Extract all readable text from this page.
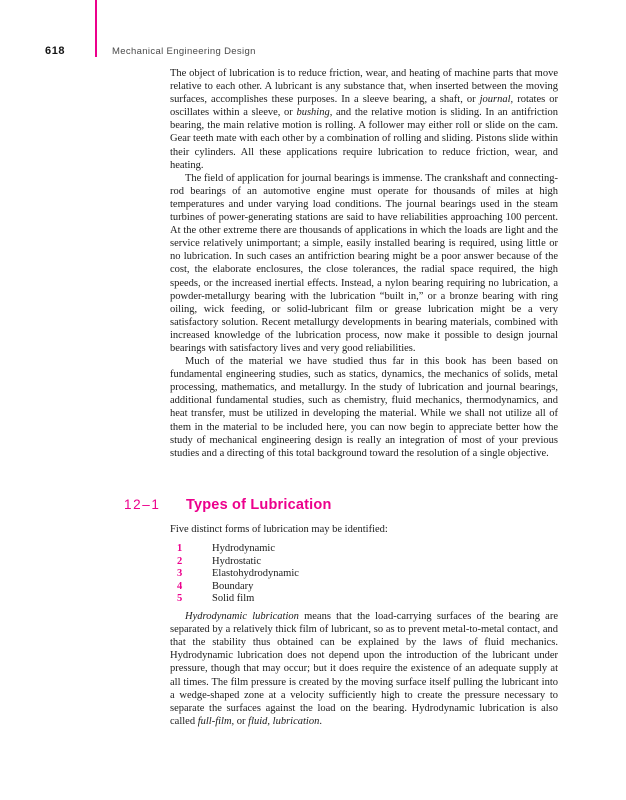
618	Mechanical Engineering Design

The object of lubrication is to reduce friction, wear, and heating of machine parts that move relative to each other. A lubricant is any substance that, when inserted between the moving surfaces, accomplishes these purposes. In a sleeve bearing, a shaft, or journal, rotates or oscillates within a sleeve, or bushing, and the relative motion is sliding. In an antifriction bearing, the main relative motion is rolling. A follower may either roll or slide on the cam. Gear teeth mate with each other by a combination of rolling and sliding. Pistons slide within their cylinders. All these applications require lubrication to reduce friction, wear, and heating.

The field of application for journal bearings is immense. The crankshaft and connecting-rod bearings of an automotive engine must operate for thousands of miles at high temperatures and under varying load conditions. The journal bearings used in the steam turbines of power-generating stations are said to have reliabilities approaching 100 percent. At the other extreme there are thousands of applications in which the loads are light and the service relatively unimportant; a simple, easily installed bearing is required, using little or no lubrication. In such cases an antifriction bearing might be a poor answer because of the cost, the elaborate enclosures, the close tolerances, the radial space required, the high speeds, or the increased inertial effects. Instead, a nylon bearing requiring no lubrication, a powder-metallurgy bearing with the lubrication “built in,” or a bronze bearing with ring oiling, wick feeding, or solid-lubricant film or grease lubrication might be a very satisfactory solution. Recent metallurgy developments in bearing materials, combined with increased knowledge of the lubrication process, now make it possible to design journal bearings with satisfactory lives and very good reliabilities.

Much of the material we have studied thus far in this book has been based on fundamental engineering studies, such as statics, dynamics, the mechanics of solids, metal processing, mathematics, and metallurgy. In the study of lubrication and journal bearings, additional fundamental studies, such as chemistry, fluid mechanics, thermodynamics, and heat transfer, must be utilized in developing the material. While we shall not utilize all of them in the material to be included here, you can now begin to appreciate better how the study of mechanical engineering design is really an integration of most of your previous studies and a directing of this total background toward the resolution of a single objective.

12–1 Types of Lubrication

Five distinct forms of lubrication may be identified:

1	Hydrodynamic
2	Hydrostatic
3	Elastohydrodynamic
4	Boundary
5	Solid film

Hydrodynamic lubrication means that the load-carrying surfaces of the bearing are separated by a relatively thick film of lubricant, so as to prevent metal-to-metal contact, and that the stability thus obtained can be explained by the laws of fluid mechanics. Hydrodynamic lubrication does not depend upon the introduction of the lubricant under pressure, though that may occur; but it does require the existence of an adequate supply at all times. The film pressure is created by the moving surface itself pulling the lubricant into a wedge-shaped zone at a velocity sufficiently high to create the pressure necessary to separate the surfaces against the load on the bearing. Hydrodynamic lubrication is also called full-film, or fluid, lubrication.
